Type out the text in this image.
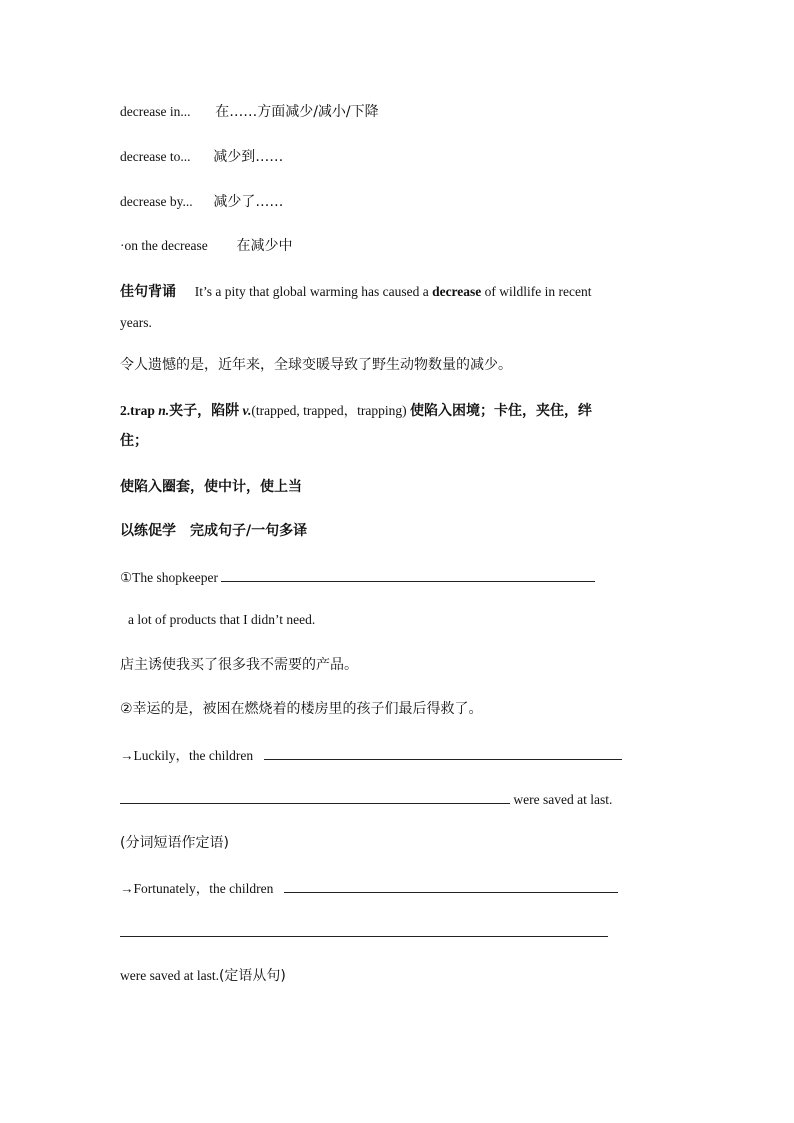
decrease in... 在……方面减少/减小/下降
decrease to... 减少到……
decrease by... 减少了……
·on the decrease 在减少中
佳句背诵 It’s a pity that global warming has caused a decrease of wildlife in recent
years.
令人遗憾的是，近年来，全球变暖导致了野生动物数量的减少。
2.trap n.夹子，陷阱 v.(trapped, trapped，trapping) 使陷入困境；卡住，夹住，绊
住；
使陷入圈套，使中计，使上当
以练促学　完成句子/一句多译
①The shopkeeper
a lot of products that I didn’t need.
店主诱使我买了很多我不需要的产品。
②幸运的是，被困在燃烧着的楼房里的孩子们最后得救了。
→Luckily，the children
were saved at last.
(分词短语作定语)
→Fortunately，the children
were saved at last.(定语从句)
